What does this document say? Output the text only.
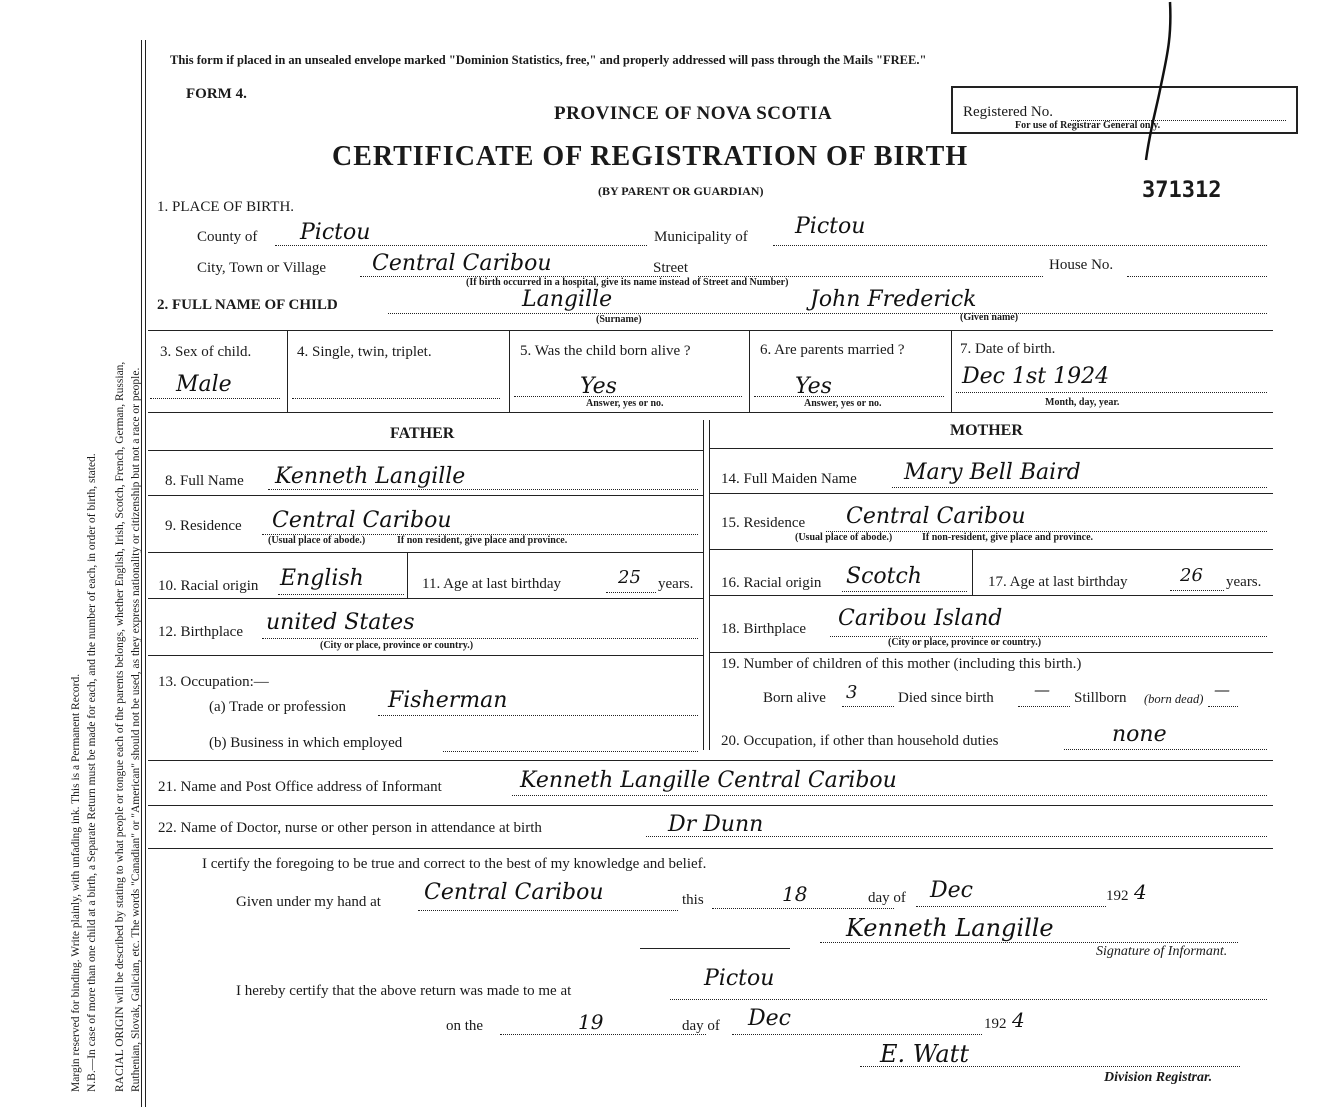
Margin reserved for binding. Write plainly, with unfading ink. This is a Permanent Record. N.B.—In case of more than one child at a birth, a Separate Return must be made for each, and the number of each, in order of birth, stated. RACIAL ORIGIN will be described by stating to what people or tongue each of the parents belongs, whether English, Irish, Scotch, French, German, Russian, Ruthenian, Slovak, Galician, etc. The words "Canadian" or "American" should not be used, as they express nationality or citizenship but not a race or people.
This form if placed in an unsealed envelope marked "Dominion Statistics, free," and properly addressed will pass through the Mails "FREE."
FORM 4.
PROVINCE OF NOVA SCOTIA
CERTIFICATE OF REGISTRATION OF BIRTH
(BY PARENT OR GUARDIAN)
Registered No.
For use of Registrar General only.
371312
1. PLACE OF BIRTH.
County of Pictou	Municipality of Pictou
City, Town or Village Central Caribou	Street	House No.
(If birth occurred in a hospital, give its name instead of Street and Number)
2. FULL NAME OF CHILD	Langille
(Surname)
John Frederick
(Given name)
3. Sex of child.
Male
4. Single, twin, triplet.	5. Was the child born alive ?
Yes
Answer, yes or no.
6. Are parents married ?
Yes
Answer, yes or no.
7. Date of birth.
Dec 1st 1924
Month, day, year.
FATHER	MOTHER
8. Full Name Kenneth Langille
9. Residence Central Caribou
(Usual place of abode.)	If non resident, give place and province.
10. Racial origin English	11. Age at last birthday	25 years.
12. Birthplace united States
(City or place, province or country.)
13. Occupation:—
(a) Trade or profession Fisherman
(b) Business in which employed
14. Full Maiden Name Mary Bell Baird
15. Residence Central Caribou
(Usual place of abode.)	If non-resident, give place and province.
16. Racial origin Scotch	17. Age at last birthday	26 years.
18. Birthplace Caribou Island
(City or place, province or country.)
19. Number of children of this mother (including this birth.)
Born alive 3	Died since birth	— Stillborn (born dead) —
20. Occupation, if other than household duties	none
21. Name and Post Office address of Informant	Kenneth Langille Central Caribou
22. Name of Doctor, nurse or other person in attendance at birth	Dr Dunn
I certify the foregoing to be true and correct to the best of my knowledge and belief.
Given under my hand at Central Caribou	this	18	day of Dec	192 4
Kenneth Langille
Signature of Informant.
I hereby certify that the above return was made to me at	Pictou
on the	19	day of Dec	192 4
E. Watt
Division Registrar.
